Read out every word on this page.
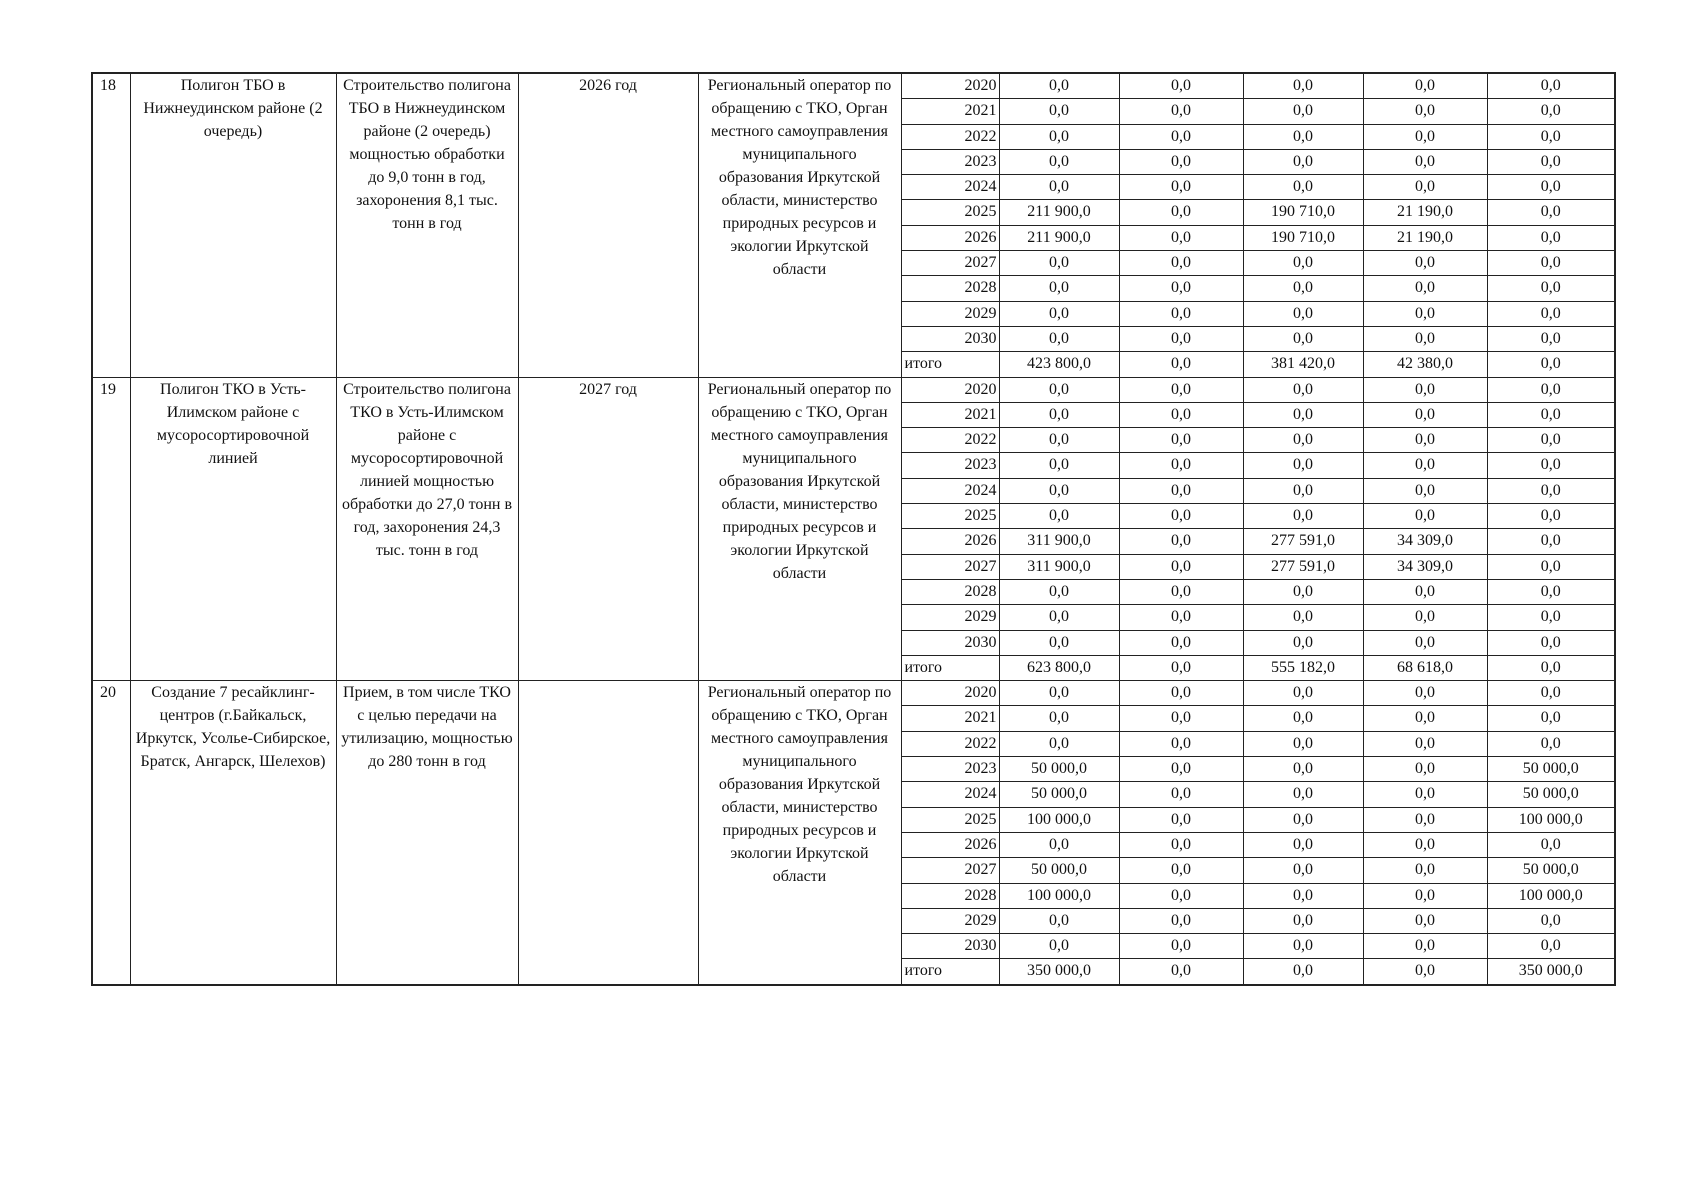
18	Полигон ТБО в Нижнеудинском районе (2 очередь)	Строительство полигона ТБО в Нижнеудинском районе (2 очередь) мощностью обработки до 9,0 тонн в год, захоронения 8,1 тыс. тонн в год	2026 год	Региональный оператор по обращению с ТКО, Орган местного самоуправления муниципального образования Иркутской области, министерство природных ресурсов и экологии Иркутской области	2020	0,0	0,0	0,0	0,0	0,0
					2021	0,0	0,0	0,0	0,0	0,0
					2022	0,0	0,0	0,0	0,0	0,0
					2023	0,0	0,0	0,0	0,0	0,0
					2024	0,0	0,0	0,0	0,0	0,0
					2025	211 900,0	0,0	190 710,0	21 190,0	0,0
					2026	211 900,0	0,0	190 710,0	21 190,0	0,0
					2027	0,0	0,0	0,0	0,0	0,0
					2028	0,0	0,0	0,0	0,0	0,0
					2029	0,0	0,0	0,0	0,0	0,0
					2030	0,0	0,0	0,0	0,0	0,0
					итого	423 800,0	0,0	381 420,0	42 380,0	0,0
19	Полигон ТКО в Усть-Илимском районе с мусоросортировочной линией	Строительство полигона ТКО в Усть-Илимском районе с мусоросортировочной линией мощностью обработки до 27,0 тонн в год, захоронения 24,3 тыс. тонн в год	2027 год	Региональный оператор по обращению с ТКО, Орган местного самоуправления муниципального образования Иркутской области, министерство природных ресурсов и экологии Иркутской области	2020	0,0	0,0	0,0	0,0	0,0
					2021	0,0	0,0	0,0	0,0	0,0
					2022	0,0	0,0	0,0	0,0	0,0
					2023	0,0	0,0	0,0	0,0	0,0
					2024	0,0	0,0	0,0	0,0	0,0
					2025	0,0	0,0	0,0	0,0	0,0
					2026	311 900,0	0,0	277 591,0	34 309,0	0,0
					2027	311 900,0	0,0	277 591,0	34 309,0	0,0
					2028	0,0	0,0	0,0	0,0	0,0
					2029	0,0	0,0	0,0	0,0	0,0
					2030	0,0	0,0	0,0	0,0	0,0
					итого	623 800,0	0,0	555 182,0	68 618,0	0,0
20	Создание 7 ресайклинг-центров (г.Байкальск, Иркутск, Усолье-Сибирское, Братск, Ангарск, Шелехов)	Прием, в том числе ТКО с целью передачи на утилизацию, мощностью до 280 тонн в год		Региональный оператор по обращению с ТКО, Орган местного самоуправления муниципального образования Иркутской области, министерство природных ресурсов и экологии Иркутской области	2020	0,0	0,0	0,0	0,0	0,0
					2021	0,0	0,0	0,0	0,0	0,0
					2022	0,0	0,0	0,0	0,0	0,0
					2023	50 000,0	0,0	0,0	0,0	50 000,0
					2024	50 000,0	0,0	0,0	0,0	50 000,0
					2025	100 000,0	0,0	0,0	0,0	100 000,0
					2026	0,0	0,0	0,0	0,0	0,0
					2027	50 000,0	0,0	0,0	0,0	50 000,0
					2028	100 000,0	0,0	0,0	0,0	100 000,0
					2029	0,0	0,0	0,0	0,0	0,0
					2030	0,0	0,0	0,0	0,0	0,0
					итого	350 000,0	0,0	0,0	0,0	350 000,0
